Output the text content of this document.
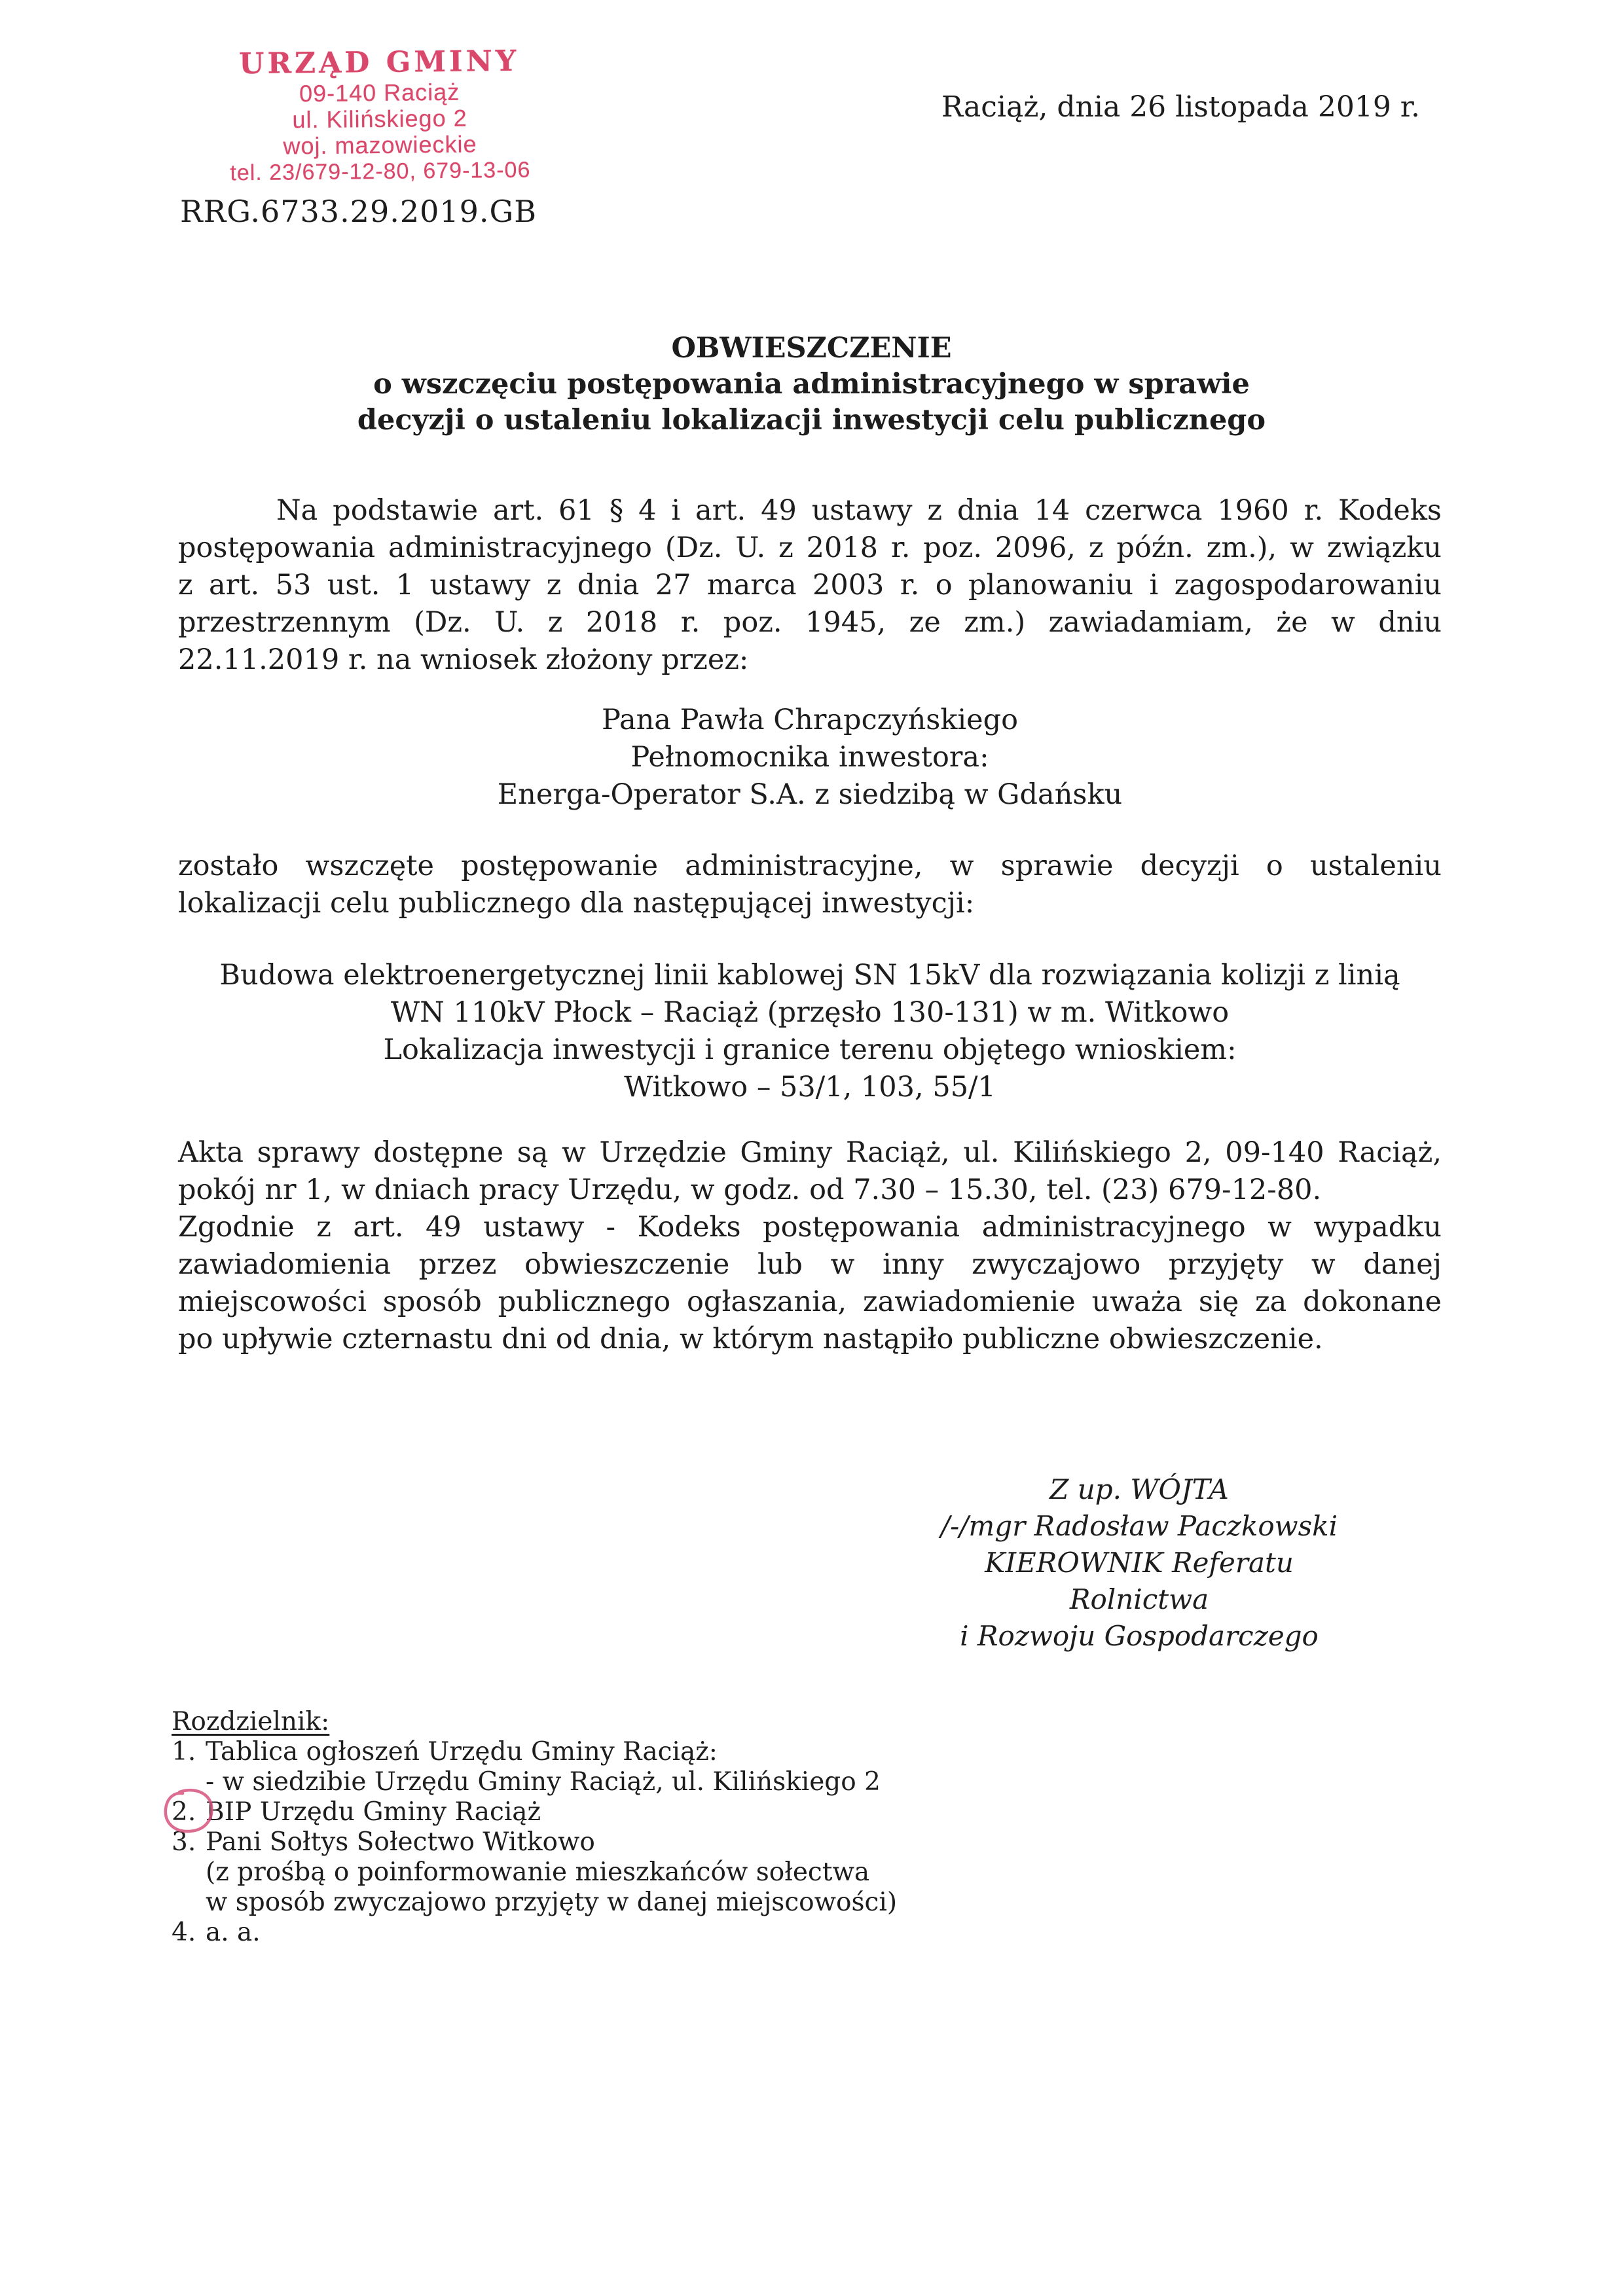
URZĄD GMINY
09-140 Raciąż
ul. Kilińskiego 2
woj. mazowieckie
tel. 23/679-12-80, 679-13-06
Raciąż, dnia 26 listopada 2019 r.
RRG.6733.29.2019.GB
OBWIESZCZENIE
o wszczęciu postępowania administracyjnego w sprawie
decyzji o ustaleniu lokalizacji inwestycji celu publicznego
Na podstawie art. 61 § 4 i art. 49 ustawy z dnia 14 czerwca 1960 r. Kodeks
postępowania administracyjnego (Dz. U. z 2018 r. poz. 2096, z późn. zm.), w związku
z art. 53 ust. 1 ustawy z dnia 27 marca 2003 r. o planowaniu i zagospodarowaniu
przestrzennym (Dz. U. z 2018 r. poz. 1945, ze zm.) zawiadamiam, że w dniu
22.11.2019 r. na wniosek złożony przez:
Pana Pawła Chrapczyńskiego
Pełnomocnika inwestora:
Energa-Operator S.A. z siedzibą w Gdańsku
zostało wszczęte postępowanie administracyjne, w sprawie decyzji o ustaleniu
lokalizacji celu publicznego dla następującej inwestycji:
Budowa elektroenergetycznej linii kablowej SN 15kV dla rozwiązania kolizji z linią
WN 110kV Płock – Raciąż (przęsło 130-131) w m. Witkowo
Lokalizacja inwestycji i granice terenu objętego wnioskiem:
Witkowo – 53/1, 103, 55/1
Akta sprawy dostępne są w Urzędzie Gminy Raciąż, ul. Kilińskiego 2, 09-140 Raciąż,
pokój nr 1, w dniach pracy Urzędu, w godz. od 7.30 – 15.30, tel. (23) 679-12-80.
Zgodnie z art. 49 ustawy - Kodeks postępowania administracyjnego w wypadku
zawiadomienia przez obwieszczenie lub w inny zwyczajowo przyjęty w danej
miejscowości sposób publicznego ogłaszania, zawiadomienie uważa się za dokonane
po upływie czternastu dni od dnia, w którym nastąpiło publiczne obwieszczenie.
Z up. WÓJTA
/-/mgr Radosław Paczkowski
KIEROWNIK Referatu Rolnictwa
i Rozwoju Gospodarczego
Rozdzielnik:
1. Tablica ogłoszeń Urzędu Gminy Raciąż:
- w siedzibie Urzędu Gminy Raciąż, ul. Kilińskiego 2
2. BIP Urzędu Gminy Raciąż
3. Pani Sołtys Sołectwo Witkowo
(z prośbą o poinformowanie mieszkańców sołectwa
w sposób zwyczajowo przyjęty w danej miejscowości)
4. a. a.
